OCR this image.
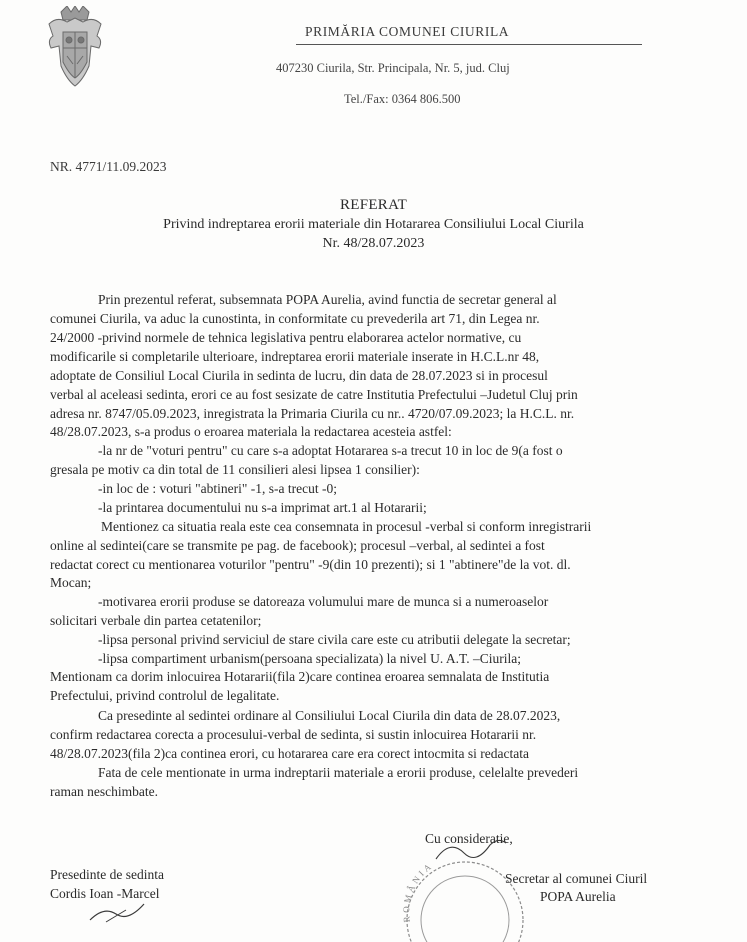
PRIMĂRIA COMUNEI CIURILA
407230 Ciurila, Str. Principala, Nr. 5, jud. Cluj
Tel./Fax: 0364 806.500
NR. 4771/11.09.2023
REFERAT
Privind indreptarea erorii materiale din Hotararea Consiliului Local Ciurila
Nr. 48/28.07.2023
Prin prezentul referat, subsemnata POPA Aurelia, avind functia de secretar general al
comunei Ciurila, va aduc la cunostinta, in conformitate cu prevederila art 71, din Legea nr.
24/2000 -privind normele de tehnica legislativa pentru elaborarea actelor normative, cu
modificarile si completarile ulterioare, indreptarea erorii materiale inserate in H.C.L.nr 48,
adoptate de Consiliul Local Ciurila in sedinta de lucru, din data de 28.07.2023 si in procesul
verbal al aceleasi sedinta, erori ce au fost sesizate de catre Institutia Prefectului –Judetul Cluj prin
adresa nr. 8747/05.09.2023, inregistrata la Primaria Ciurila cu nr.. 4720/07.09.2023; la H.C.L. nr.
48/28.07.2023, s-a produs o eroarea materiala la redactarea acesteia astfel:
-la nr de "voturi pentru" cu care s-a adoptat Hotararea s-a trecut 10 in loc de 9(a fost o
gresala pe motiv ca din total de 11 consilieri alesi lipsea 1 consilier):
-in loc de : voturi "abtineri" -1, s-a trecut -0;
-la printarea documentului nu s-a imprimat art.1 al Hotararii;
Mentionez ca situatia reala este cea consemnata in procesul -verbal si conform inregistrarii
online al sedintei(care se transmite pe pag. de facebook); procesul –verbal, al sedintei a fost
redactat corect cu mentionarea voturilor "pentru" -9(din 10 prezenti); si 1 "abtinere"de la vot. dl.
Mocan;
-motivarea erorii produse se datoreaza volumului mare de munca si a numeroaselor
solicitari verbale din partea cetatenilor;
-lipsa personal privind serviciul de stare civila care este cu atributii delegate la secretar;
-lipsa compartiment urbanism(persoana specializata) la nivel U. A.T. –Ciurila;
Mentionam ca dorim inlocuirea Hotararii(fila 2)care continea eroarea semnalata de Institutia
Prefectului, privind controlul de legalitate.
Ca presedinte al sedintei ordinare al Consiliului Local Ciurila din data de 28.07.2023,
confirm redactarea corecta a procesului-verbal de sedinta, si sustin inlocuirea Hotararii nr.
48/28.07.2023(fila 2)ca continea erori, cu hotararea care era corect intocmita si redactata
Fata de cele mentionate in urma indreptarii materiale a erorii produse, celelalte prevederi
raman neschimbate.
Cu consideratie,
ROMÂNIA
Presedinte de sedinta
Cordis Ioan -Marcel
Secretar al comunei Ciuril
POPA Aurelia
